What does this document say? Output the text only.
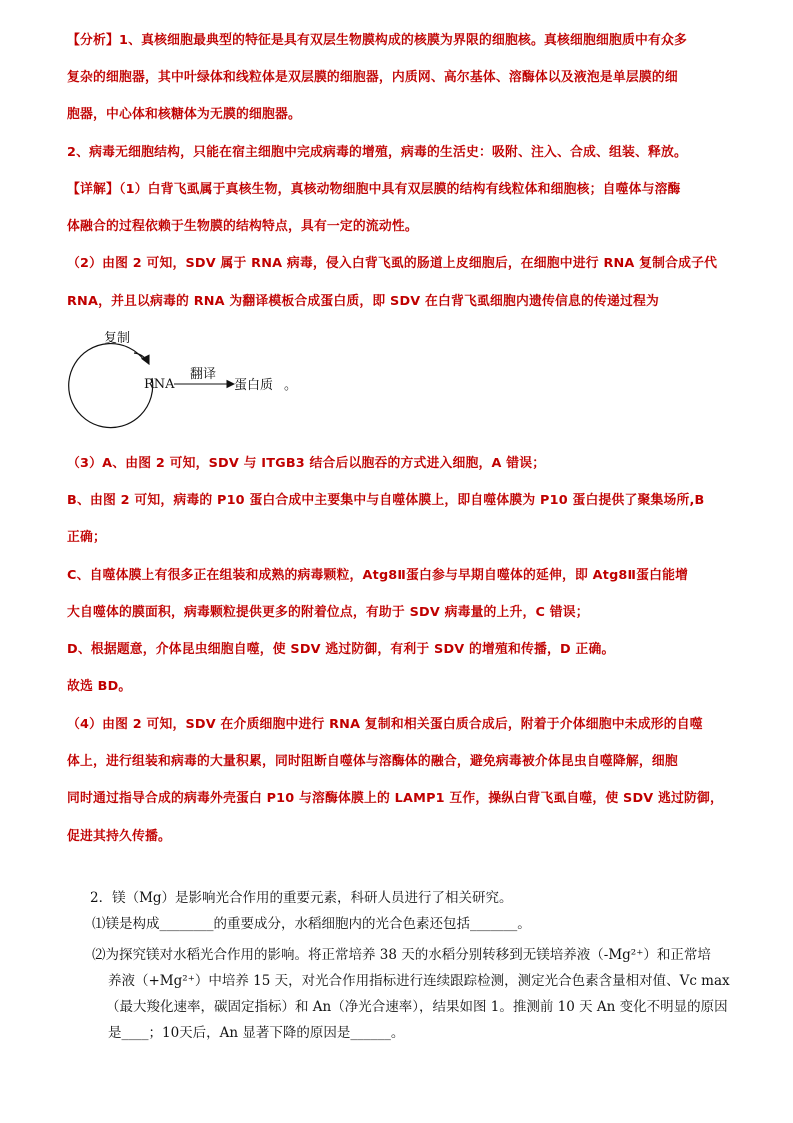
【分析】1、真核细胞最典型的特征是具有双层生物膜构成的核膜为界限的细胞核。真核细胞细胞质中有众多
复杂的细胞器，其中叶绿体和线粒体是双层膜的细胞器，内质网、高尔基体、溶酶体以及液泡是单层膜的细
胞器，中心体和核糖体为无膜的细胞器。
2、病毒无细胞结构，只能在宿主细胞中完成病毒的增殖，病毒的生活史：吸附、注入、合成、组装、释放。
【详解】（1）白背飞虱属于真核生物，真核动物细胞中具有双层膜的结构有线粒体和细胞核；自噬体与溶酶
体融合的过程依赖于生物膜的结构特点，具有一定的流动性。
（2）由图 2 可知，SDV 属于 RNA 病毒，侵入白背飞虱的肠道上皮细胞后，在细胞中进行 RNA 复制合成子代
RNA，并且以病毒的 RNA 为翻译模板合成蛋白质，即 SDV 在白背飞虱细胞内遗传信息的传递过程为
复制
RNA
翻译
蛋白质 。
（3）A、由图 2 可知，SDV 与 ITGB3 结合后以胞吞的方式进入细胞，A 错误；
B、由图 2 可知，病毒的 P10 蛋白合成中主要集中与自噬体膜上，即自噬体膜为 P10 蛋白提供了聚集场所,B
正确；
C、自噬体膜上有很多正在组装和成熟的病毒颗粒，Atg8Ⅱ蛋白参与早期自噬体的延伸，即 Atg8Ⅱ蛋白能增
大自噬体的膜面积，病毒颗粒提供更多的附着位点，有助于 SDV 病毒量的上升，C 错误；
D、根据题意，介体昆虫细胞自噬，使 SDV 逃过防御，有利于 SDV 的增殖和传播，D 正确。
故选 BD。
（4）由图 2 可知，SDV 在介质细胞中进行 RNA 复制和相关蛋白质合成后，附着于介体细胞中未成形的自噬
体上，进行组装和病毒的大量积累，同时阻断自噬体与溶酶体的融合，避免病毒被介体昆虫自噬降解，细胞
同时通过指导合成的病毒外壳蛋白 P10 与溶酶体膜上的 LAMP1 互作，操纵白背飞虱自噬，使 SDV 逃过防御，
促进其持久传播。
2．镁（Mg）是影响光合作用的重要元素，科研人员进行了相关研究。
⑴镁是构成________的重要成分，水稻细胞内的光合色素还包括_______。
⑵为探究镁对水稻光合作用的影响。将正常培养 38 天的水稻分别转移到无镁培养液（-Mg²⁺）和正常培
养液（+Mg²⁺）中培养 15 天，对光合作用指标进行连续跟踪检测，测定光合色素含量相对值、Vc max
（最大羧化速率，碳固定指标）和 An（净光合速率），结果如图 1。推测前 10 天 An 变化不明显的原因
是____；10天后，An 显著下降的原因是______。
